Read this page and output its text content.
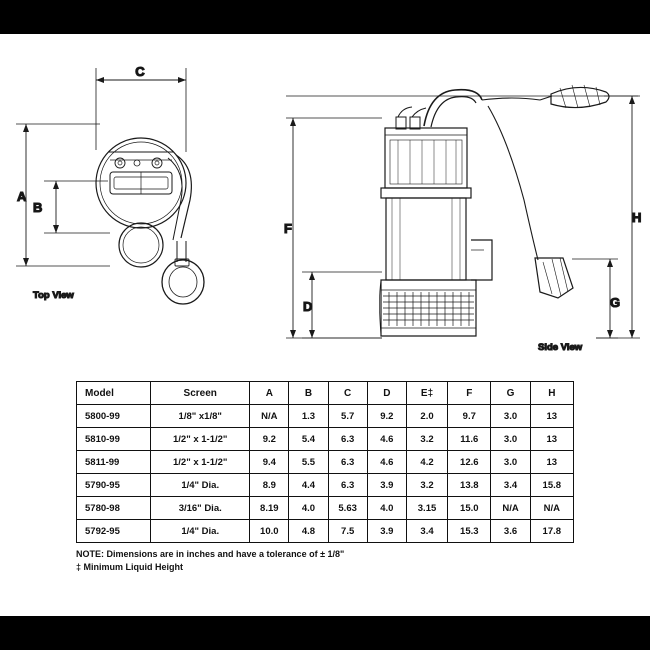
C
A
B
Top View
F
D
H
G
Side View
Model	Screen	A	B	C	D	E‡	F	G	H
5800-99	1/8" x1/8"	N/A	1.3	5.7	9.2	2.0	9.7	3.0	13
5810-99	1/2" x 1-1/2"	9.2	5.4	6.3	4.6	3.2	11.6	3.0	13
5811-99	1/2" x 1-1/2"	9.4	5.5	6.3	4.6	4.2	12.6	3.0	13
5790-95	1/4" Dia.	8.9	4.4	6.3	3.9	3.2	13.8	3.4	15.8
5780-98	3/16" Dia.	8.19	4.0	5.63	4.0	3.15	15.0	N/A	N/A
5792-95	1/4" Dia.	10.0	4.8	7.5	3.9	3.4	15.3	3.6	17.8
NOTE: Dimensions are in inches and have a tolerance of ± 1/8"
‡ Minimum Liquid Height
